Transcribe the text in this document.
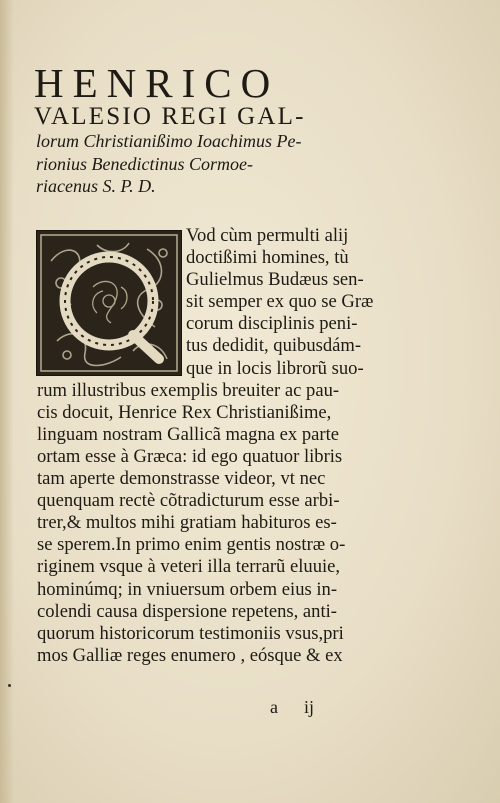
HENRICO
VALESIO REGI GAL-
lorum Christianißimo Ioachimus Pe-
rionius Benedictinus Cormoe-
riacenus S. P. D.
Vod cùm permulti alij
doctißimi homines, tù
Gulielmus Budæus sen-
sit semper ex quo se Græ
corum disciplinis peni-
tus dedidit, quibusdám-
que in locis librorũ suo-
rum illustribus exemplis breuiter ac pau-
cis docuit, Henrice Rex Christianißime,
linguam nostram Gallicã magna ex parte
ortam esse à Græca: id ego quatuor libris
tam aperte demonstrasse videor, vt nec
quenquam rectè cõtradicturum esse arbi-
trer,& multos mihi gratiam habituros es-
se sperem.In primo enim gentis nostræ o-
riginem vsque à veteri illa terrarũ eluuie,
hominúmq; in vniuersum orbem eius in-
colendi causa dispersione repetens, anti-
quorum historicorum testimoniis vsus,pri
mos Galliæ reges enumero , eósque & ex
a ij
